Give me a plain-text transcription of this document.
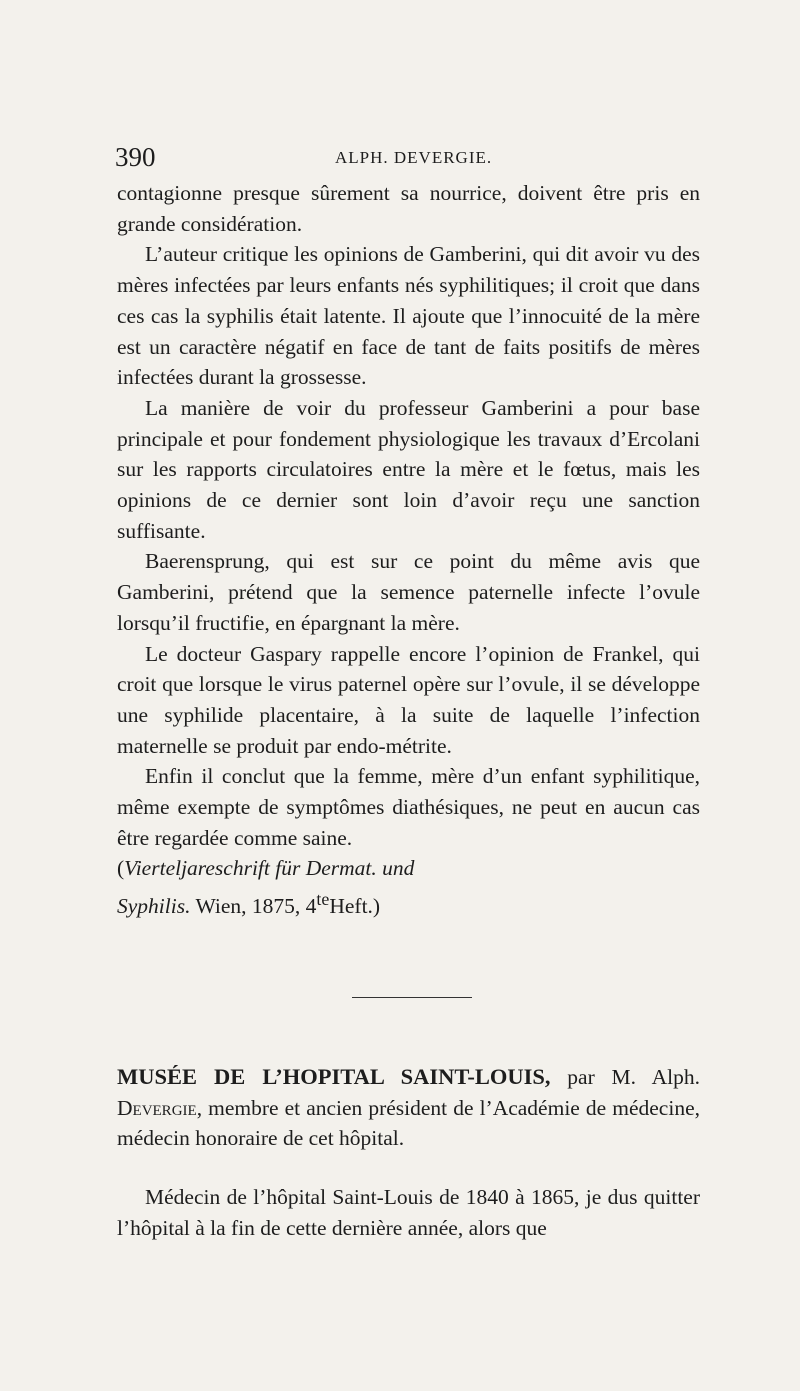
390	ALPH. DEVERGIE.

contagionne presque sûrement sa nourrice, doivent être pris en grande considération.

L’auteur critique les opinions de Gamberini, qui dit avoir vu des mères infectées par leurs enfants nés syphilitiques; il croit que dans ces cas la syphilis était latente. Il ajoute que l’innocuité de la mère est un caractère négatif en face de tant de faits positifs de mères infectées durant la grossesse.

La manière de voir du professeur Gamberini a pour base principale et pour fondement physiologique les travaux d’Ercolani sur les rapports circulatoires entre la mère et le fœtus, mais les opinions de ce dernier sont loin d’avoir reçu une sanction suffisante.

Baerensprung, qui est sur ce point du même avis que Gamberini, prétend que la semence paternelle infecte l’ovule lorsqu’il fructifie, en épargnant la mère.

Le docteur Gaspary rappelle encore l’opinion de Frankel, qui croit que lorsque le virus paternel opère sur l’ovule, il se développe une syphilide placentaire, à la suite de laquelle l’infection maternelle se produit par endo-métrite.

Enfin il conclut que la femme, mère d’un enfant syphilitique, même exempte de symptômes diathésiques, ne peut en aucun cas être regardée comme saine.

(Vierteljareschrift für Dermat. und
Syphilis. Wien, 1875, $4^{te}Heft$.)

MUSÉE DE L’HOPITAL SAINT-LOUIS, par M. Alph. Devergie, membre et ancien président de l’Académie de médecine, médecin honoraire de cet hôpital.

Médecin de l’hôpital Saint-Louis de 1840 à 1865, je dus quitter l’hôpital à la fin de cette dernière année, alors que
